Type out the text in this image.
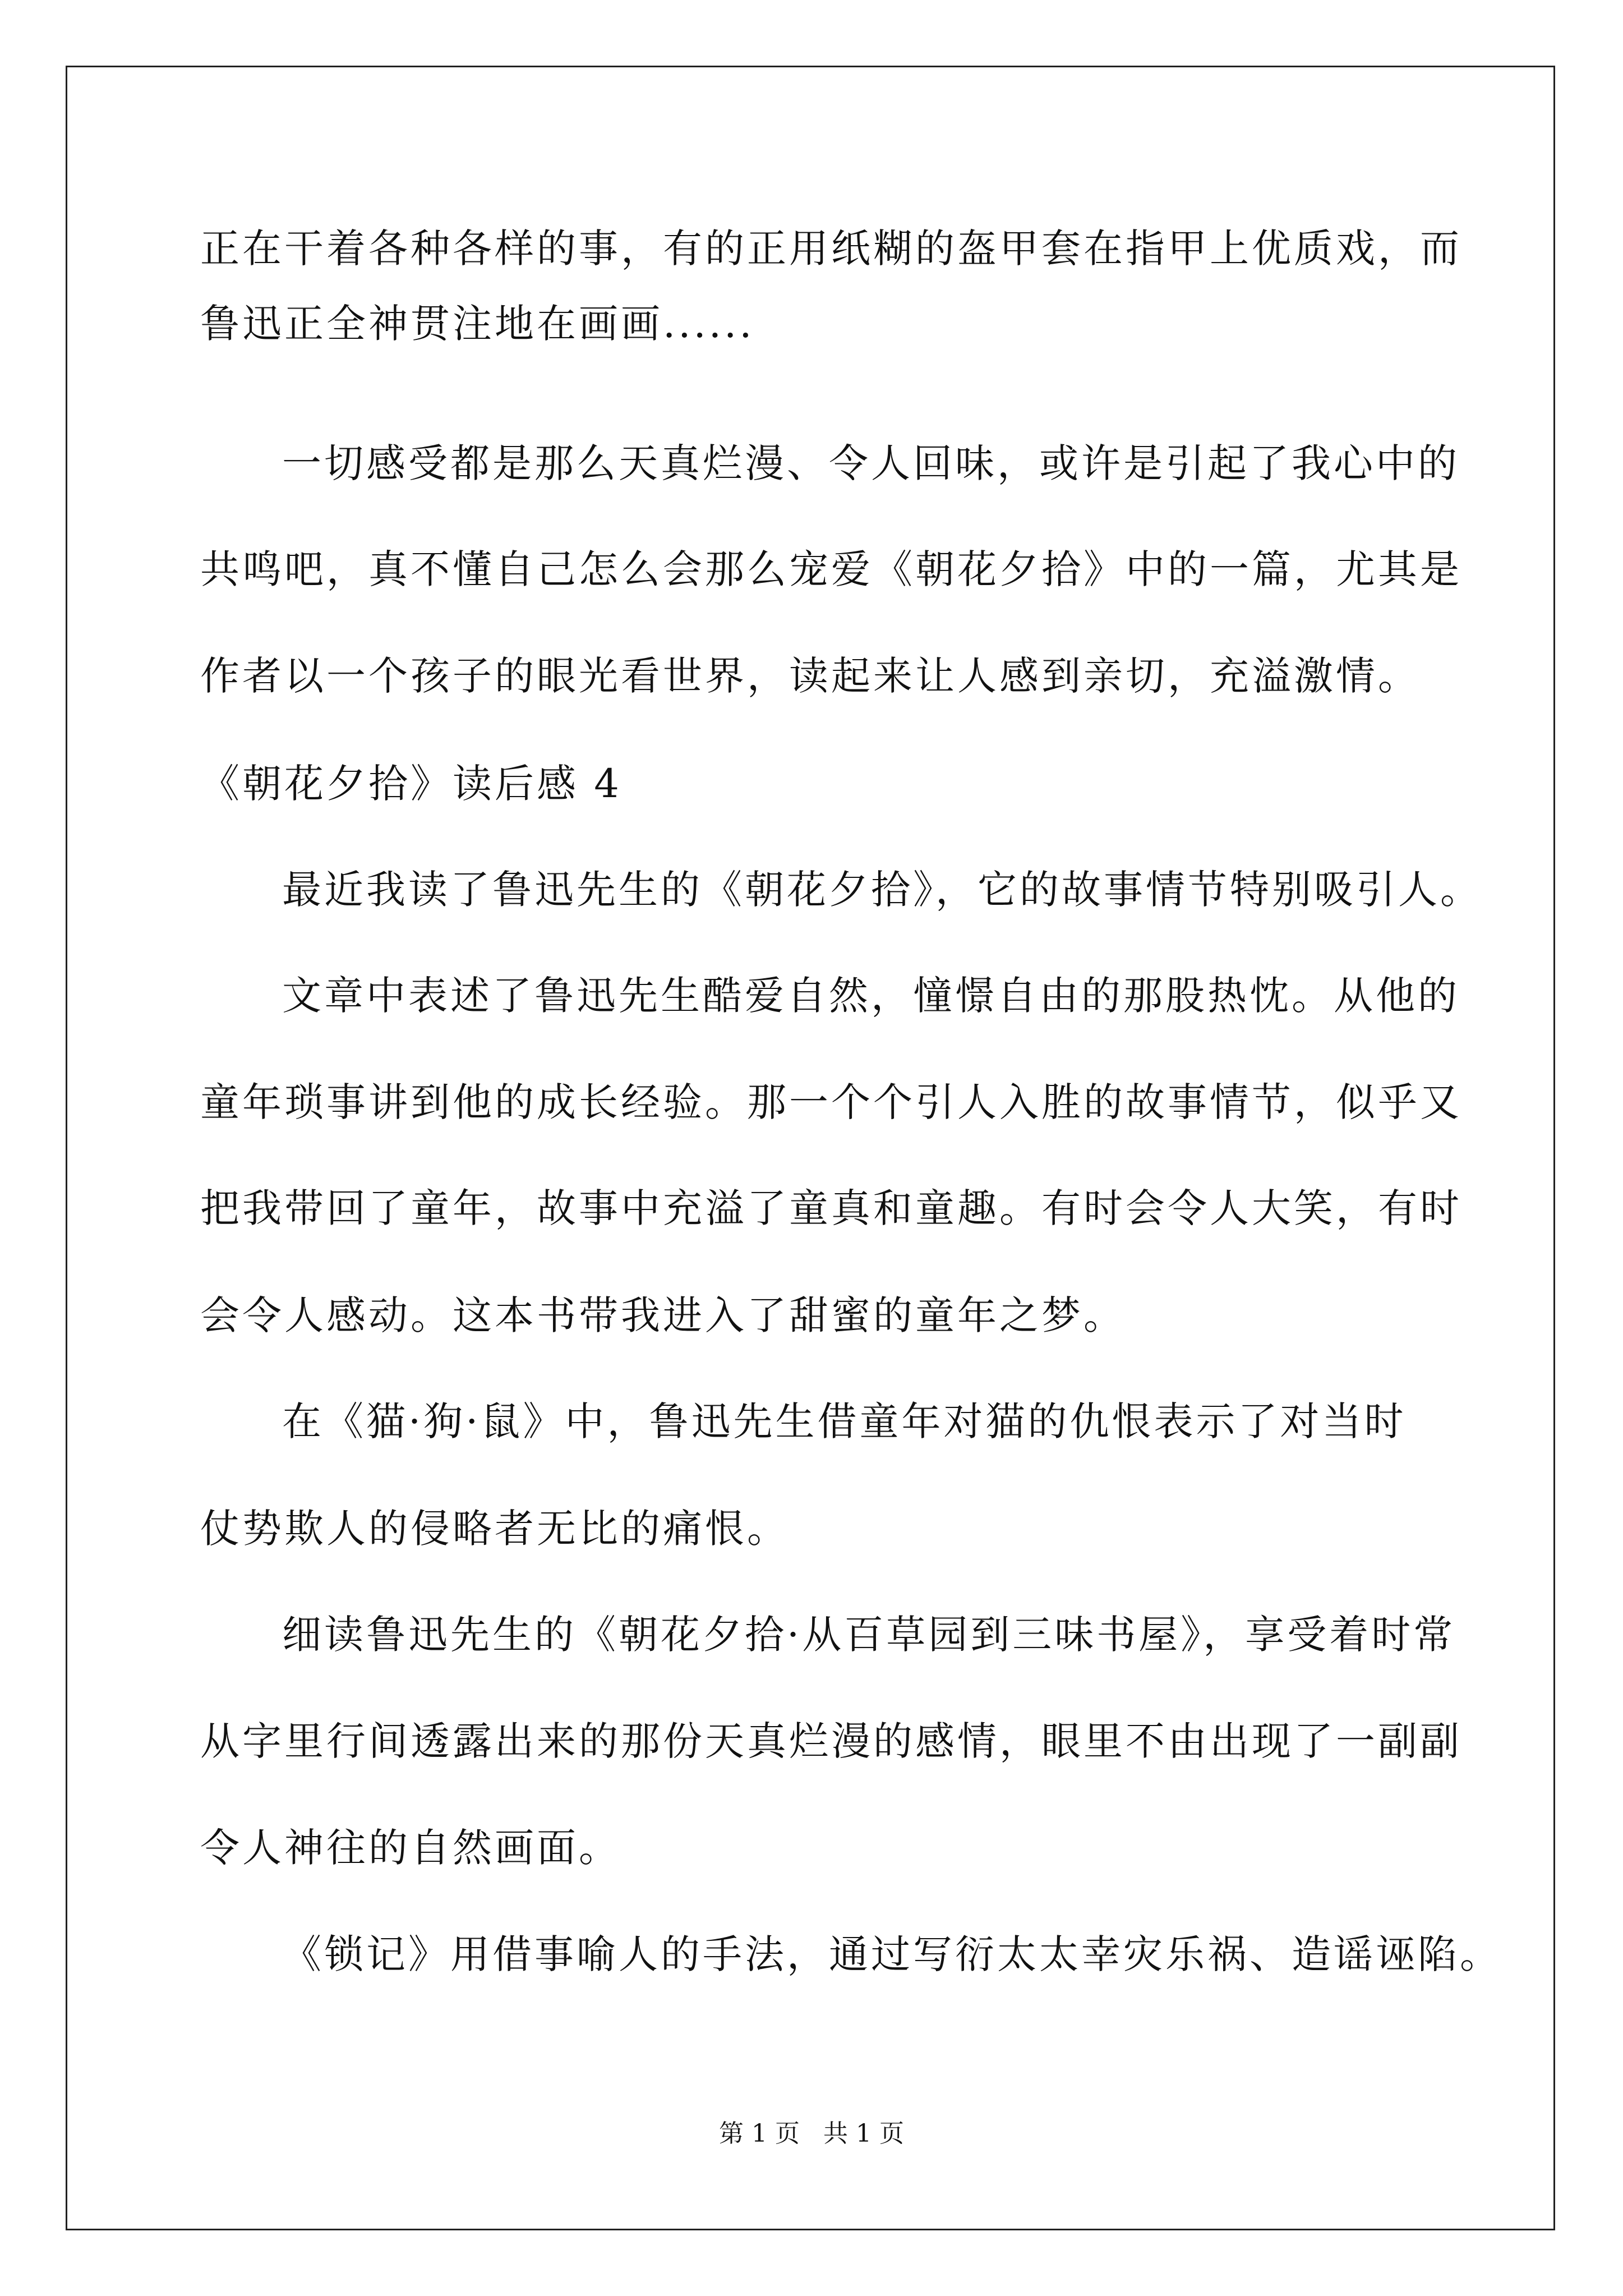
正在干着各种各样的事，有的正用纸糊的盔甲套在指甲上优质戏，而
鲁迅正全神贯注地在画画......
一切感受都是那么天真烂漫、令人回味，或许是引起了我心中的
共鸣吧，真不懂自己怎么会那么宠爱《朝花夕拾》中的一篇，尤其是
作者以一个孩子的眼光看世界，读起来让人感到亲切，充溢激情。
《朝花夕拾》读后感 4
最近我读了鲁迅先生的《朝花夕拾》，它的故事情节特别吸引人。
文章中表述了鲁迅先生酷爱自然，憧憬自由的那股热忱。从他的
童年琐事讲到他的成长经验。那一个个引人入胜的故事情节，似乎又
把我带回了童年，故事中充溢了童真和童趣。有时会令人大笑，有时
会令人感动。这本书带我进入了甜蜜的童年之梦。
在《猫·狗·鼠》中，鲁迅先生借童年对猫的仇恨表示了对当时
仗势欺人的侵略者无比的痛恨。
细读鲁迅先生的《朝花夕拾·从百草园到三味书屋》，享受着时常
从字里行间透露出来的那份天真烂漫的感情，眼里不由出现了一副副
令人神往的自然画面。
《锁记》用借事喻人的手法，通过写衍太太幸灾乐祸、造谣诬陷。
第 1 页 共 1 页
